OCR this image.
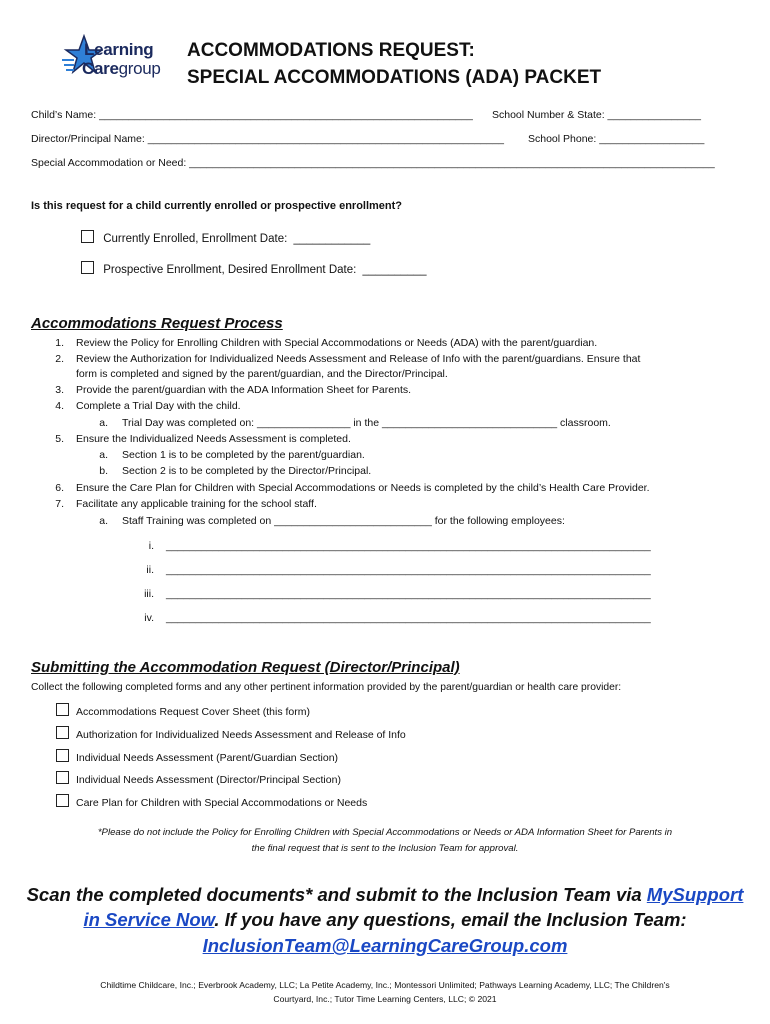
Learning
Caregroup
ACCOMMODATIONS REQUEST:
SPECIAL ACCOMMODATIONS (ADA) PACKET
Child’s Name: ________________________________________________________________ School Number & State: ________________
Director/Principal Name: _____________________________________________________________ School Phone: __________________
Special Accommodation or Need: __________________________________________________________________________________________
Is this request for a child currently enrolled or prospective enrollment?
Currently Enrolled, Enrollment Date: ____________
Prospective Enrollment, Desired Enrollment Date: __________
Accommodations Request Process
1. Review the Policy for Enrolling Children with Special Accommodations or Needs (ADA) with the parent/guardian.
2. Review the Authorization for Individualized Needs Assessment and Release of Info with the parent/guardians. Ensure that
form is completed and signed by the parent/guardian, and the Director/Principal.
3. Provide the parent/guardian with the ADA Information Sheet for Parents.
4. Complete a Trial Day with the child.
a. Trial Day was completed on: ________________ in the ______________________________ classroom.
5. Ensure the Individualized Needs Assessment is completed.
a. Section 1 is to be completed by the parent/guardian.
b. Section 2 is to be completed by the Director/Principal.
6. Ensure the Care Plan for Children with Special Accommodations or Needs is completed by the child’s Health Care Provider.
7. Facilitate any applicable training for the school staff.
a. Staff Training was completed on ___________________________ for the following employees:
i. ___________________________________________________________________________________
ii. ___________________________________________________________________________________
iii. ___________________________________________________________________________________
iv. ___________________________________________________________________________________
Submitting the Accommodation Request (Director/Principal)
Collect the following completed forms and any other pertinent information provided by the parent/guardian or health care provider:
Accommodations Request Cover Sheet (this form)
Authorization for Individualized Needs Assessment and Release of Info
Individual Needs Assessment (Parent/Guardian Section)
Individual Needs Assessment (Director/Principal Section)
Care Plan for Children with Special Accommodations or Needs
*Please do not include the Policy for Enrolling Children with Special Accommodations or Needs or ADA Information Sheet for Parents in
the final request that is sent to the Inclusion Team for approval.
Scan the completed documents* and submit to the Inclusion Team via MySupport
in Service Now. If you have any questions, email the Inclusion Team:
InclusionTeam@LearningCareGroup.com
Childtime Childcare, Inc.; Everbrook Academy, LLC; La Petite Academy, Inc.; Montessori Unlimited; Pathways Learning Academy, LLC; The Children's
Courtyard, Inc.; Tutor Time Learning Centers, LLC; © 2021
